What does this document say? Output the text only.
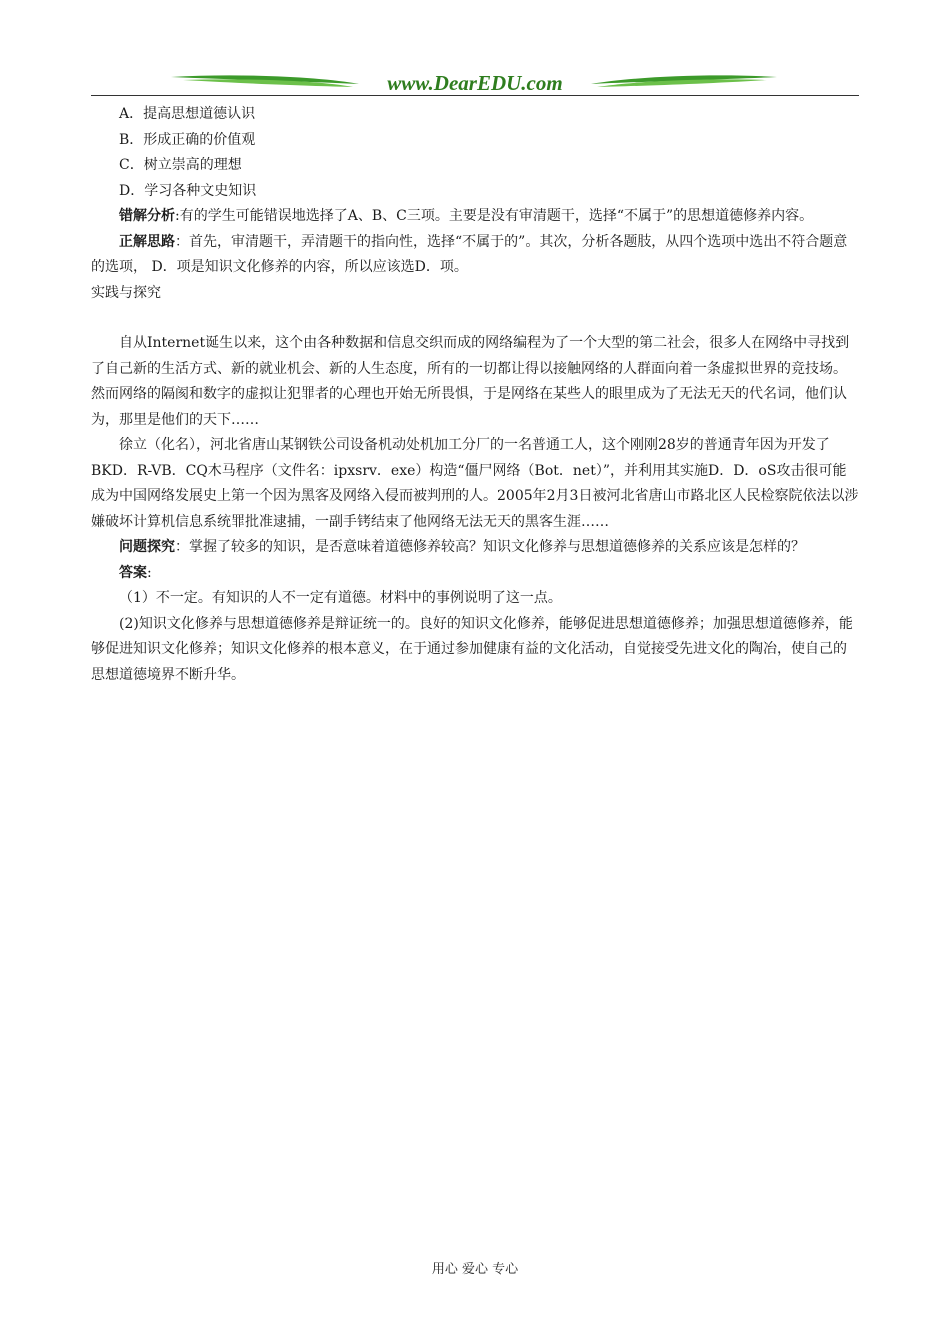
www.DearEDU.com

A．提高思想道德认识

B．形成正确的价值观

C．树立崇高的理想

D．学习各种文史知识

错解分析:有的学生可能错误地选择了A、B、C三项。主要是没有审清题干，选择“不属于”的思想道德修养内容。

正解思路：首先，审清题干，弄清题干的指向性，选择“不属于的”。其次，分析各题肢，从四个选项中选出不符合题意的选项， D．项是知识文化修养的内容，所以应该选D．项。

实践与探究

自从Internet诞生以来，这个由各种数据和信息交织而成的网络编程为了一个大型的第二社会，很多人在网络中寻找到了自己新的生活方式、新的就业机会、新的人生态度，所有的一切都让得以接触网络的人群面向着一条虚拟世界的竞技场。然而网络的隔阂和数字的虚拟让犯罪者的心理也开始无所畏惧，于是网络在某些人的眼里成为了无法无天的代名词，他们认为，那里是他们的天下……

徐立（化名），河北省唐山某钢铁公司设备机动处机加工分厂的一名普通工人，这个刚刚28岁的普通青年因为开发了BKD．R-VB．CQ木马程序（文件名：ipxsrv．exe）构造“僵尸网络（Bot．net）”，并利用其实施D．D．oS攻击很可能成为中国网络发展史上第一个因为黑客及网络入侵而被判刑的人。2005年2月3日被河北省唐山市路北区人民检察院依法以涉嫌破坏计算机信息系统罪批准逮捕，一副手铐结束了他网络无法无天的黑客生涯……

问题探究：掌握了较多的知识，是否意味着道德修养较高？知识文化修养与思想道德修养的关系应该是怎样的？

答案:

（1）不一定。有知识的人不一定有道德。材料中的事例说明了这一点。

(2)知识文化修养与思想道德修养是辩证统一的。良好的知识文化修养，能够促进思想道德修养；加强思想道德修养，能够促进知识文化修养；知识文化修养的根本意义，在于通过参加健康有益的文化活动，自觉接受先进文化的陶冶，使自己的思想道德境界不断升华。

用心 爱心 专心
